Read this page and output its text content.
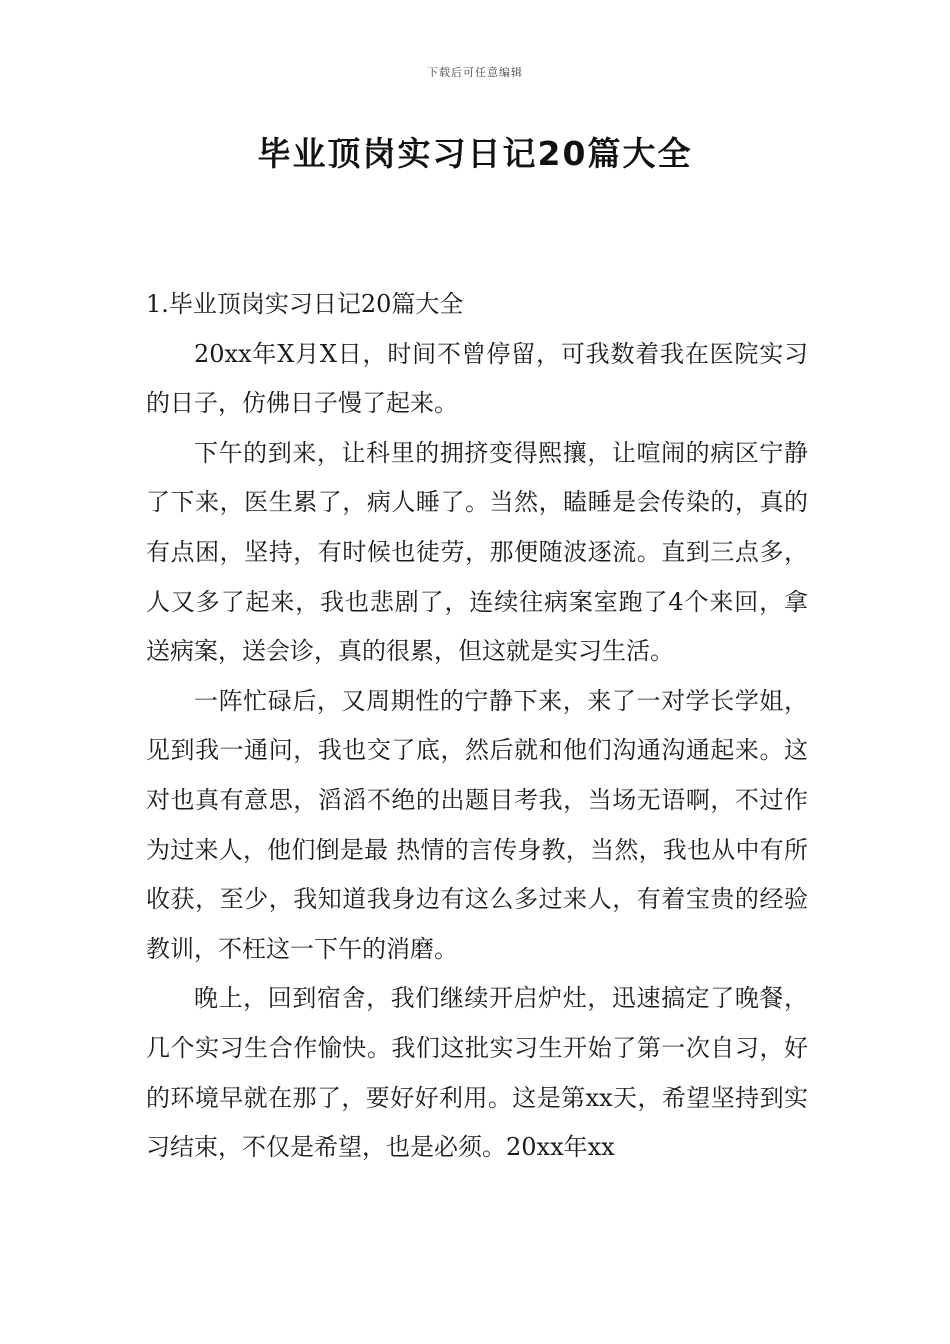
下载后可任意编辑
毕业顶岗实习日记20篇大全

1.毕业顶岗实习日记20篇大全

20xx年X月X日，时间不曾停留，可我数着我在医院实习的日子，仿佛日子慢了起来。

下午的到来，让科里的拥挤变得熙攘，让喧闹的病区宁静了下来，医生累了，病人睡了。当然，瞌睡是会传染的，真的有点困，坚持，有时候也徒劳，那便随波逐流。直到三点多，人又多了起来，我也悲剧了，连续往病案室跑了4个来回，拿送病案，送会诊，真的很累，但这就是实习生活。

一阵忙碌后，又周期性的宁静下来，来了一对学长学姐，见到我一通问，我也交了底，然后就和他们沟通沟通起来。这对也真有意思，滔滔不绝的出题目考我，当场无语啊，不过作为过来人，他们倒是最 热情的言传身教，当然，我也从中有所收获，至少，我知道我身边有这么多过来人，有着宝贵的经验教训，不枉这一下午的消磨。

晚上，回到宿舍，我们继续开启炉灶，迅速搞定了晚餐，几个实习生合作愉快。我们这批实习生开始了第一次自习，好的环境早就在那了，要好好利用。这是第xx天，希望坚持到实习结束，不仅是希望，也是必须。20xx年xx
